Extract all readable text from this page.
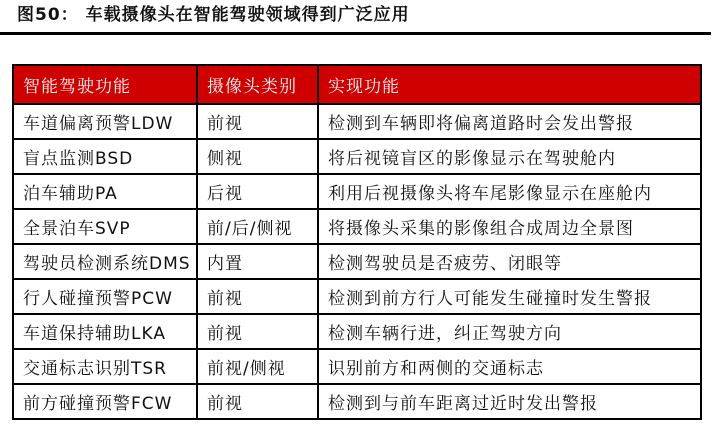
图50： 车载摄像头在智能驾驶领域得到广泛应用
智能驾驶功能	摄像头类别	实现功能
车道偏离预警LDW	前视	检测到车辆即将偏离道路时会发出警报
盲点监测BSD	侧视	将后视镜盲区的影像显示在驾驶舱内
泊车辅助PA	后视	利用后视摄像头将车尾影像显示在座舱内
全景泊车SVP	前/后/侧视	将摄像头采集的影像组合成周边全景图
驾驶员检测系统DMS	内置	检测驾驶员是否疲劳、闭眼等
行人碰撞预警PCW	前视	检测到前方行人可能发生碰撞时发生警报
车道保持辅助LKA	前视	检测车辆行进，纠正驾驶方向
交通标志识别TSR	前视/侧视	识别前方和两侧的交通标志
前方碰撞预警FCW	前视	检测到与前车距离过近时发出警报
